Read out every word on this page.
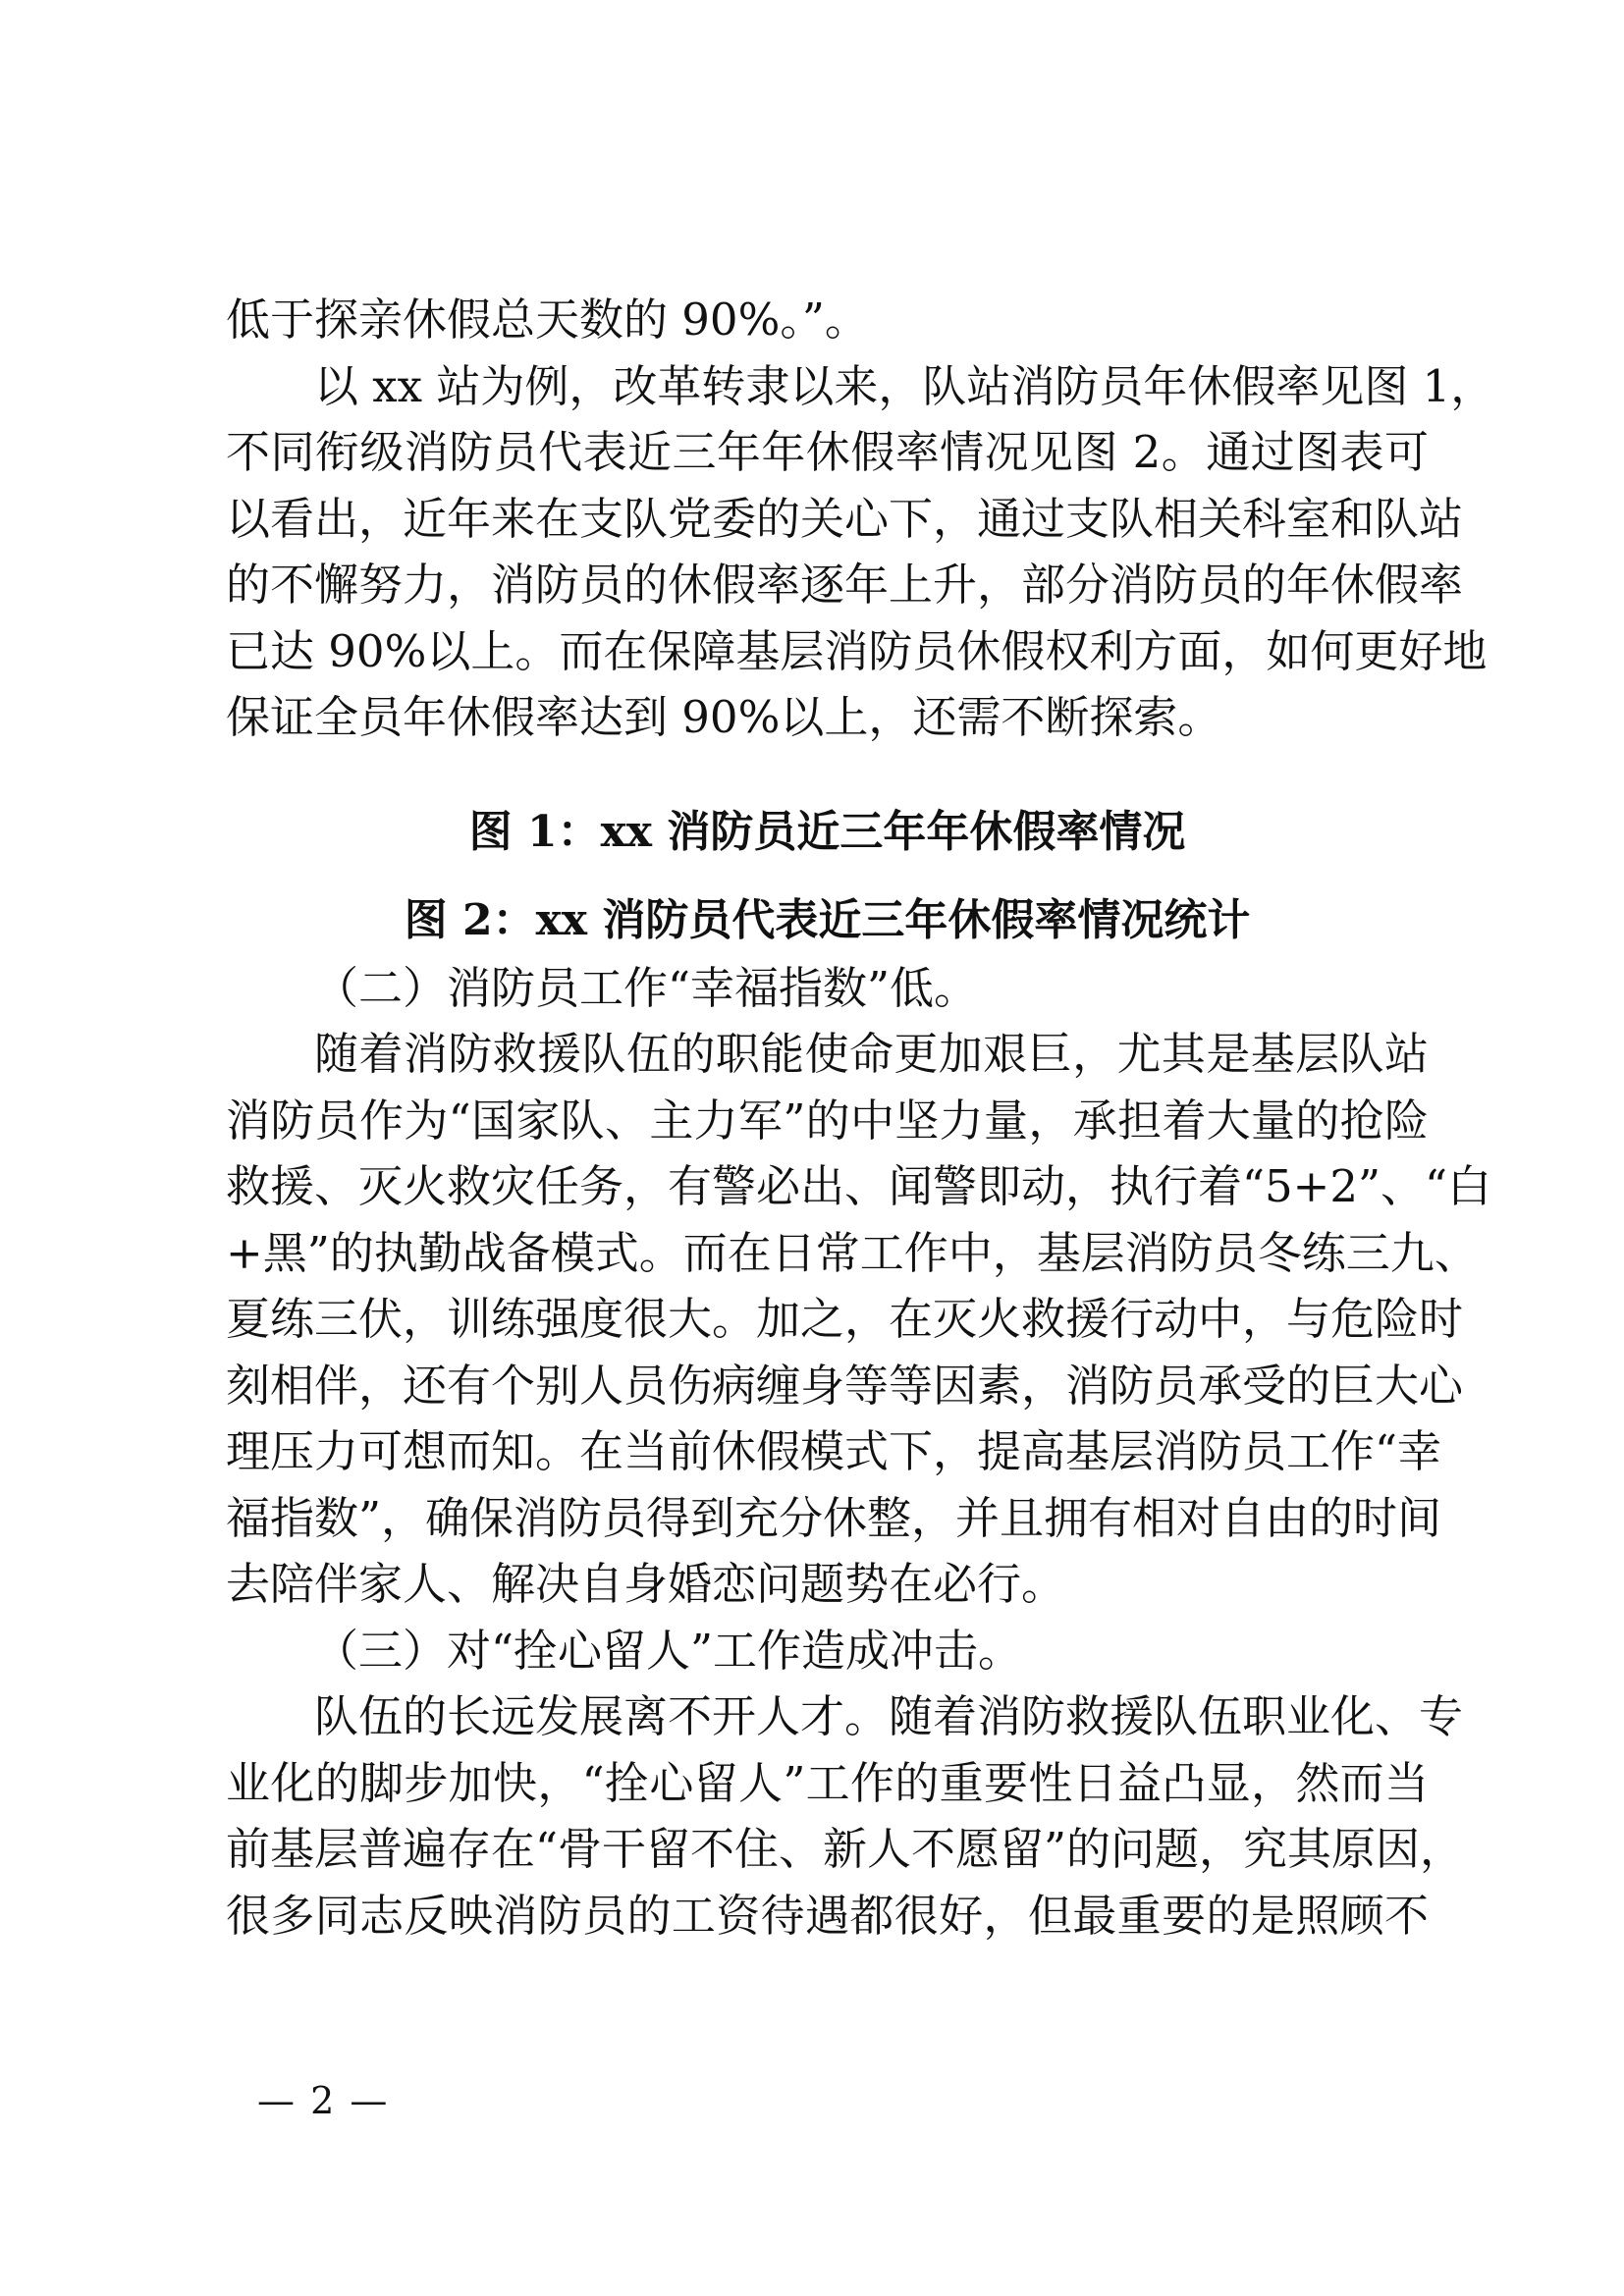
低于探亲休假总天数的 90%。”。
以 xx 站为例，改革转隶以来，队站消防员年休假率见图 1，
不同衔级消防员代表近三年年休假率情况见图 2。通过图表可
以看出，近年来在支队党委的关心下，通过支队相关科室和队站
的不懈努力，消防员的休假率逐年上升，部分消防员的年休假率
已达 90%以上。而在保障基层消防员休假权利方面，如何更好地
保证全员年休假率达到 90%以上，还需不断探索。
图 1：xx 消防员近三年年休假率情况
图 2：xx 消防员代表近三年休假率情况统计
（二）消防员工作“幸福指数”低。
随着消防救援队伍的职能使命更加艰巨，尤其是基层队站
消防员作为“国家队、主力军”的中坚力量，承担着大量的抢险
救援、灭火救灾任务，有警必出、闻警即动，执行着“5+2”、“白
+黑”的执勤战备模式。而在日常工作中，基层消防员冬练三九、
夏练三伏，训练强度很大。加之，在灭火救援行动中，与危险时
刻相伴，还有个别人员伤病缠身等等因素，消防员承受的巨大心
理压力可想而知。在当前休假模式下，提高基层消防员工作“幸
福指数”，确保消防员得到充分休整，并且拥有相对自由的时间
去陪伴家人、解决自身婚恋问题势在必行。
（三）对“拴心留人”工作造成冲击。
队伍的长远发展离不开人才。随着消防救援队伍职业化、专
业化的脚步加快，“拴心留人”工作的重要性日益凸显，然而当
前基层普遍存在“骨干留不住、新人不愿留”的问题，究其原因，
很多同志反映消防员的工资待遇都很好，但最重要的是照顾不
— 2 —
